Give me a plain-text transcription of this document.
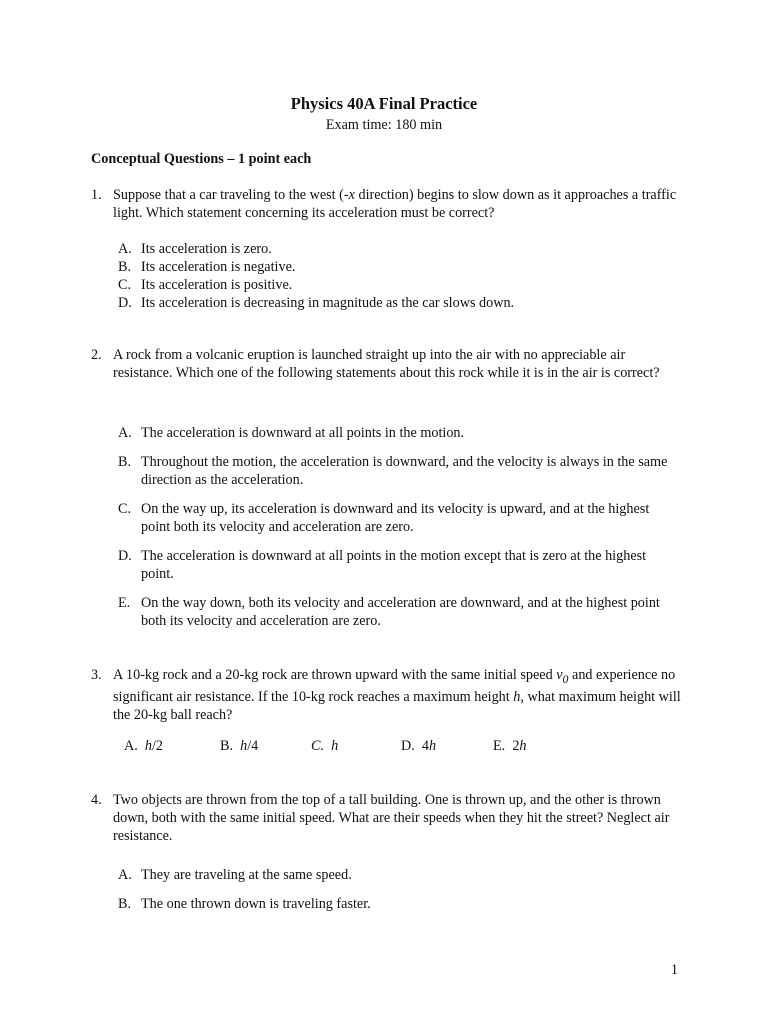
Physics 40A Final Practice
Exam time: 180 min
Conceptual Questions – 1 point each
1. Suppose that a car traveling to the west (-x direction) begins to slow down as it approaches a traffic light. Which statement concerning its acceleration must be correct?
A. Its acceleration is zero.
B. Its acceleration is negative.
C. Its acceleration is positive.
D. Its acceleration is decreasing in magnitude as the car slows down.
2. A rock from a volcanic eruption is launched straight up into the air with no appreciable air resistance. Which one of the following statements about this rock while it is in the air is correct?
A. The acceleration is downward at all points in the motion.
B. Throughout the motion, the acceleration is downward, and the velocity is always in the same direction as the acceleration.
C. On the way up, its acceleration is downward and its velocity is upward, and at the highest point both its velocity and acceleration are zero.
D. The acceleration is downward at all points in the motion except that is zero at the highest point.
E. On the way down, both its velocity and acceleration are downward, and at the highest point both its velocity and acceleration are zero.
3. A 10-kg rock and a 20-kg rock are thrown upward with the same initial speed $v_0$ and experience no significant air resistance. If the 10-kg rock reaches a maximum height h, what maximum height will the 20-kg ball reach?
A. h/2	B. h/4	C. h	D. 4h	E. 2h
4. Two objects are thrown from the top of a tall building. One is thrown up, and the other is thrown down, both with the same initial speed. What are their speeds when they hit the street? Neglect air resistance.
A. They are traveling at the same speed.
B. The one thrown down is traveling faster.
1
